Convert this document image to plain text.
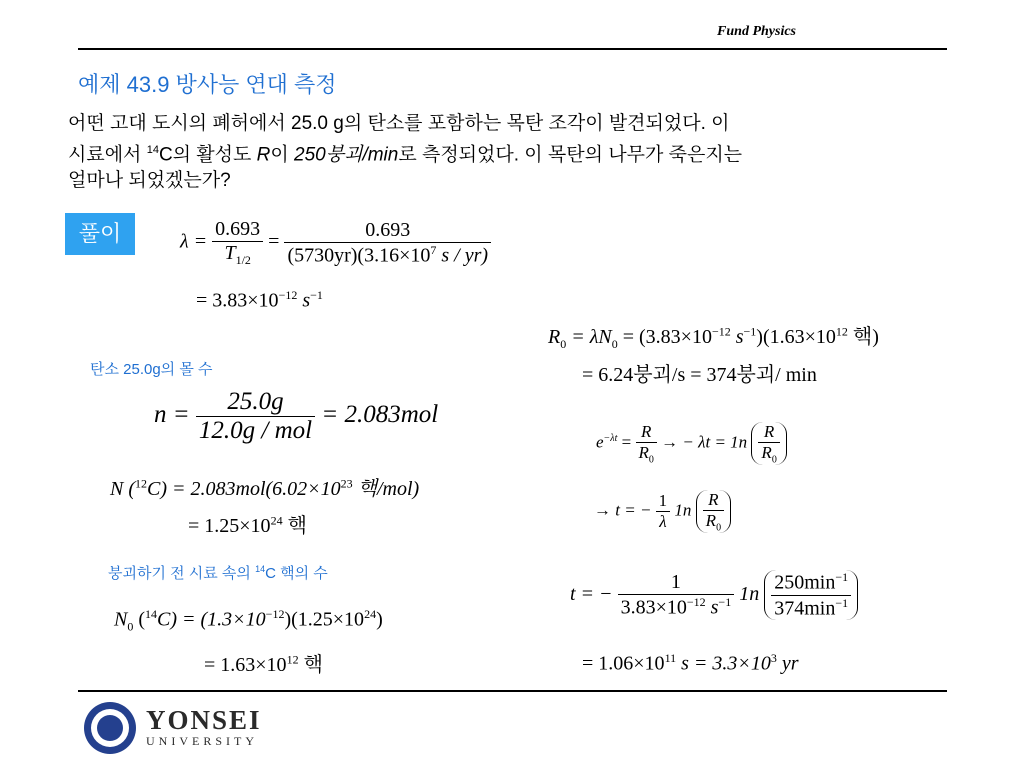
Fund Physics
예제 43.9 방사능 연대 측정
어떤 고대 도시의 폐허에서 25.0 g의 탄소를 포함하는 목탄 조각이 발견되었다. 이
시료에서 $^{14}$C의 활성도 R이 250붕괴/min로 측정되었다. 이 목탄의 나무가 죽은지는
얼마나 되었겠는가?
풀이	$\lambda = \frac{0.693}{T_{1/2}} = \frac{0.693}{(5730yr)(3.16\times 10^7 s / yr)}$
= $3.83\times 10^{-12}$ $s^{-1}$
탄소 25.0g의 몰 수
$n = \frac{25.0g}{\text{12.0g / mol}} = 2.083mol$
N $(^{12}C) = 2.083mol(6.02\times 10^{23}$ 핵/mol)
= $1.25\times 10^{24}$ 핵
붕괴하기 전 시료 속의 $^{14}$C 핵의 수
$N_0$ $(^{14}C) = (1.3\times 10^{-12})(1.25\times 10^{24})$
= $1.63\times 10^{12}$ 핵
$R_0 = \lambda N_0 = (3.83\times 10^{-12}$ $s^{-1})(1.63\times 10^{12}$ 핵)
= 6.24붕괴/s = 374붕괴/ min
$e^{-\lambda t} = \frac{R}{R_0}$ → − $\lambda t = 1n \frac{R}{R_0}$
→ t = − $\frac{1}{\lambda} 1n \frac{R}{R_0}$
t = − $\frac{1}{3.83\times 10^{-12} s^{-1}} 1n \frac{250\min^{-1}}{374\min^{-1}}$
= $1.06\times 10^{11}$ $s = 3.3\times 10^3$ yr
YONSEI
UNIVERSITY
